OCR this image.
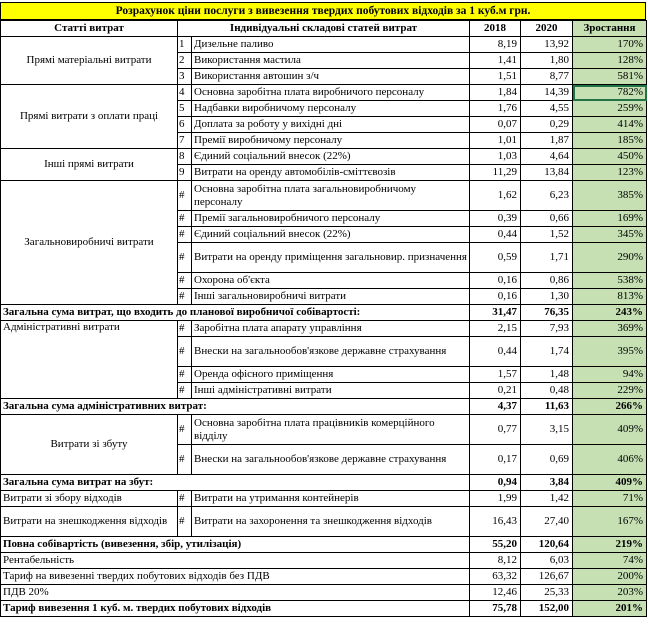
Розрахунок ціни послуги з вивезення твердих побутових відходів за 1 куб.м грн.
Статті витрат	Індивідуальні складові статей витрат		2018	2020	Зростання
Прямі матеріальні витрати	1	Дизельне паливо	8,19	13,92	170%
	2	Використання мастила	1,41	1,80	128%
	3	Використання автошин з/ч	1,51	8,77	581%
Прямі витрати з оплати праці	4	Основна заробітна плата виробничого персоналу	1,84	14,39	782%
	5	Надбавки виробничому персоналу	1,76	4,55	259%
	6	Доплата за роботу у вихідні дні	0,07	0,29	414%
	7	Премії виробничому персоналу	1,01	1,87	185%
Інші прямі витрати	8	Єдиний соціальний внесок (22%)	1,03	4,64	450%
	9	Витрати на оренду автомобілів-сміттєвозів	11,29	13,84	123%
Загальновиробничі витрати	#	Основна заробітна плата загальновиробничому персоналу	1,62	6,23	385%
	#	Премії загальновиробничого персоналу	0,39	0,66	169%
	#	Єдиний соціальний внесок (22%)	0,44	1,52	345%
	#	Витрати на оренду приміщення загальновир. призначення	0,59	1,71	290%
	#	Охорона об'єкта	0,16	0,86	538%
	#	Інші загальновиробничі витрати	0,16	1,30	813%
Загальна сума витрат, що входить до планової виробничої собівартості:			31,47	76,35	243%
Адміністративні витрати	#	Заробітна плата апарату управління	2,15	7,93	369%
	#	Внески на загальнообов'язкове державне страхування	0,44	1,74	395%
	#	Оренда офісного приміщення	1,57	1,48	94%
	#	Інші адміністративні витрати	0,21	0,48	229%
Загальна сума адміністративних витрат:			4,37	11,63	266%
Витрати зі збуту	#	Основна заробітна плата працівників комерційного відділу	0,77	3,15	409%
	#	Внески на загальнообов'язкове державне страхування	0,17	0,69	406%
Загальна сума витрат на збут:			0,94	3,84	409%
Витрати зі збору відходів	#	Витрати на утримання контейнерів	1,99	1,42	71%
Витрати на знешкодження відходів	#	Витрати на захоронення та знешкодження відходів	16,43	27,40	167%
Повна собівартість (вивезення, збір, утилізація)			55,20	120,64	219%
Рентабельність			8,12	6,03	74%
Тариф на вивезенні твердих побутових відходів без ПДВ			63,32	126,67	200%
ПДВ 20%			12,46	25,33	203%
Тариф вивезення 1 куб. м. твердих побутових відходів			75,78	152,00	201%
